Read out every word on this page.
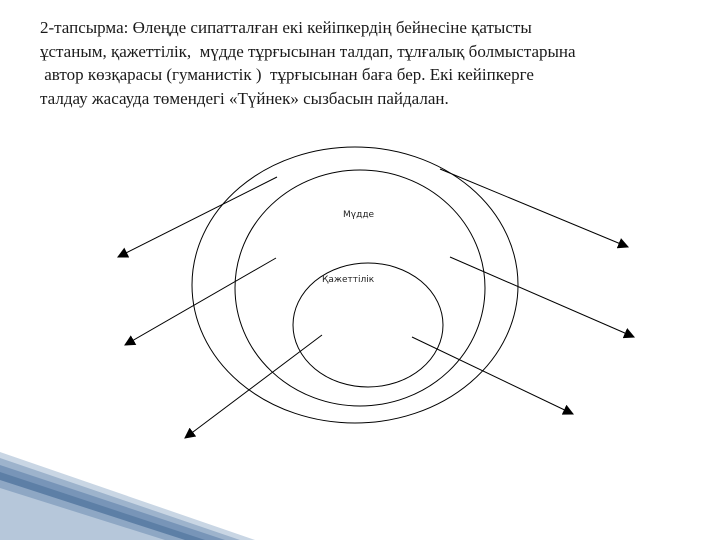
2-тапсырма: Өлеңде сипатталған екі кейіпкердің бейнесіне қатысты
ұстаным, қажеттілік,  мүдде тұрғысынан талдап, тұлғалық болмыстарына
автор көзқарасы (гуманистік )  тұрғысынан баға бер. Екі кейіпкерге
талдау жасауда төмендегі «Түйнек» сызбасын пайдалан.
Мүдде
Қажеттілік
